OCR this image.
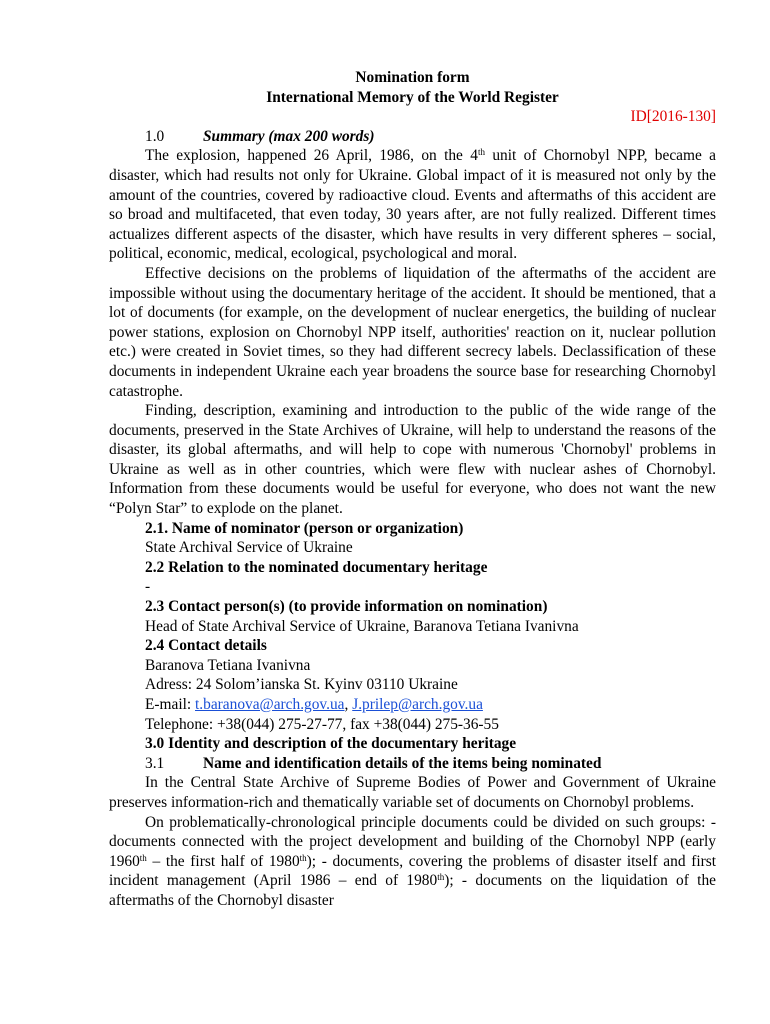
Nomination form
International Memory of the World Register
ID[2016-130]
1.0	Summary (max 200 words)

The explosion, happened 26 April, 1986, on the 4th unit of Chornobyl NPP, became a disaster, which had results not only for Ukraine. Global impact of it is measured not only by the amount of the countries, covered by radioactive cloud. Events and aftermaths of this accident are so broad and multifaceted, that even today, 30 years after, are not fully realized. Different times actualizes different aspects of the disaster, which have results in very different spheres – social, political, economic, medical, ecological, psychological and moral.

Effective decisions on the problems of liquidation of the aftermaths of the accident are impossible without using the documentary heritage of the accident. It should be mentioned, that a lot of documents (for example, on the development of nuclear energetics, the building of nuclear power stations, explosion on Chornobyl NPP itself, authorities' reaction on it, nuclear pollution etc.) were created in Soviet times, so they had different secrecy labels. Declassification of these documents in independent Ukraine each year broadens the source base for researching Chornobyl catastrophe.

Finding, description, examining and introduction to the public of the wide range of the documents, preserved in the State Archives of Ukraine, will help to understand the reasons of the disaster, its global aftermaths, and will help to cope with numerous 'Chornobyl' problems in Ukraine as well as in other countries, which were flew with nuclear ashes of Chornobyl. Information from these documents would be useful for everyone, who does not want the new “Polyn Star” to explode on the planet.

2.1. Name of nominator (person or organization)
State Archival Service of Ukraine
2.2 Relation to the nominated documentary heritage
-
2.3 Contact person(s) (to provide information on nomination)
Head of State Archival Service of Ukraine, Baranova Tetiana Ivanivna
2.4 Contact details
Baranova Tetiana Ivanivna
Adress: 24 Solom’ianska St. Kyinv 03110 Ukraine
E-mail: t.baranova@arch.gov.ua, J.prilep@arch.gov.ua
Telephone: +38(044) 275-27-77, fax +38(044) 275-36-55
3.0 Identity and description of the documentary heritage
3.1	Name and identification details of the items being nominated

In the Central State Archive of Supreme Bodies of Power and Government of Ukraine preserves information-rich and thematically variable set of documents on Chornobyl problems.

On problematically-chronological principle documents could be divided on such groups: - documents connected with the project development and building of the Chornobyl NPP (early 1960th – the first half of 1980th); - documents, covering the problems of disaster itself and first incident management (April 1986 – end of 1980th); - documents on the liquidation of the aftermaths of the Chornobyl disaster
